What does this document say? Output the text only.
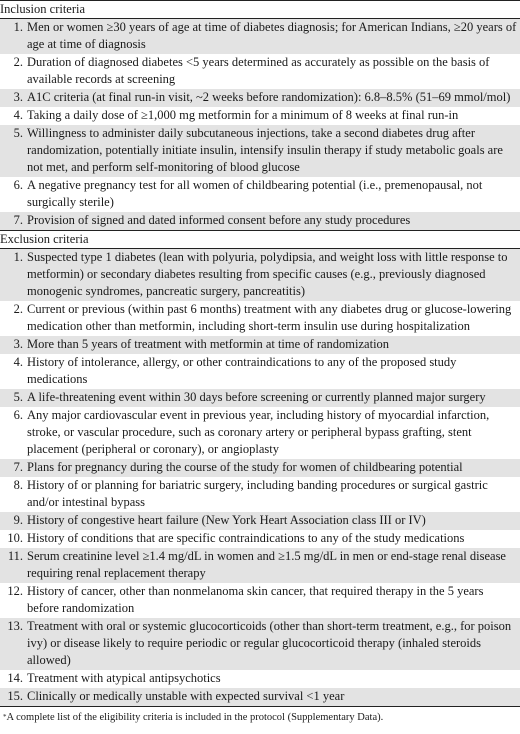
Inclusion criteria

1. Men or women ≥30 years of age at time of diabetes diagnosis; for American Indians, ≥20 years of age at time of diagnosis

2. Duration of diagnosed diabetes <5 years determined as accurately as possible on the basis of available records at screening

3. A1C criteria (at final run-in visit, ~2 weeks before randomization): 6.8–8.5% (51–69 mmol/mol)

4. Taking a daily dose of ≥1,000 mg metformin for a minimum of 8 weeks at final run-in

5. Willingness to administer daily subcutaneous injections, take a second diabetes drug after randomization, potentially initiate insulin, intensify insulin therapy if study metabolic goals are not met, and perform self-monitoring of blood glucose

6. A negative pregnancy test for all women of childbearing potential (i.e., premenopausal, not surgically sterile)

7. Provision of signed and dated informed consent before any study procedures

Exclusion criteria

1. Suspected type 1 diabetes (lean with polyuria, polydipsia, and weight loss with little response to metformin) or secondary diabetes resulting from specific causes (e.g., previously diagnosed monogenic syndromes, pancreatic surgery, pancreatitis)

2. Current or previous (within past 6 months) treatment with any diabetes drug or glucose-lowering medication other than metformin, including short-term insulin use during hospitalization

3. More than 5 years of treatment with metformin at time of randomization

4. History of intolerance, allergy, or other contraindications to any of the proposed study medications

5. A life-threatening event within 30 days before screening or currently planned major surgery

6. Any major cardiovascular event in previous year, including history of myocardial infarction, stroke, or vascular procedure, such as coronary artery or peripheral bypass grafting, stent placement (peripheral or coronary), or angioplasty

7. Plans for pregnancy during the course of the study for women of childbearing potential

8. History of or planning for bariatric surgery, including banding procedures or surgical gastric and/or intestinal bypass

9. History of congestive heart failure (New York Heart Association class III or IV)

10. History of conditions that are specific contraindications to any of the study medications

11. Serum creatinine level ≥1.4 mg/dL in women and ≥1.5 mg/dL in men or end-stage renal disease requiring renal replacement therapy

12. History of cancer, other than nonmelanoma skin cancer, that required therapy in the 5 years before randomization

13. Treatment with oral or systemic glucocorticoids (other than short-term treatment, e.g., for poison ivy) or disease likely to require periodic or regular glucocorticoid therapy (inhaled steroids allowed)

14. Treatment with atypical antipsychotics

15. Clinically or medically unstable with expected survival <1 year
*A complete list of the eligibility criteria is included in the protocol (Supplementary Data).
